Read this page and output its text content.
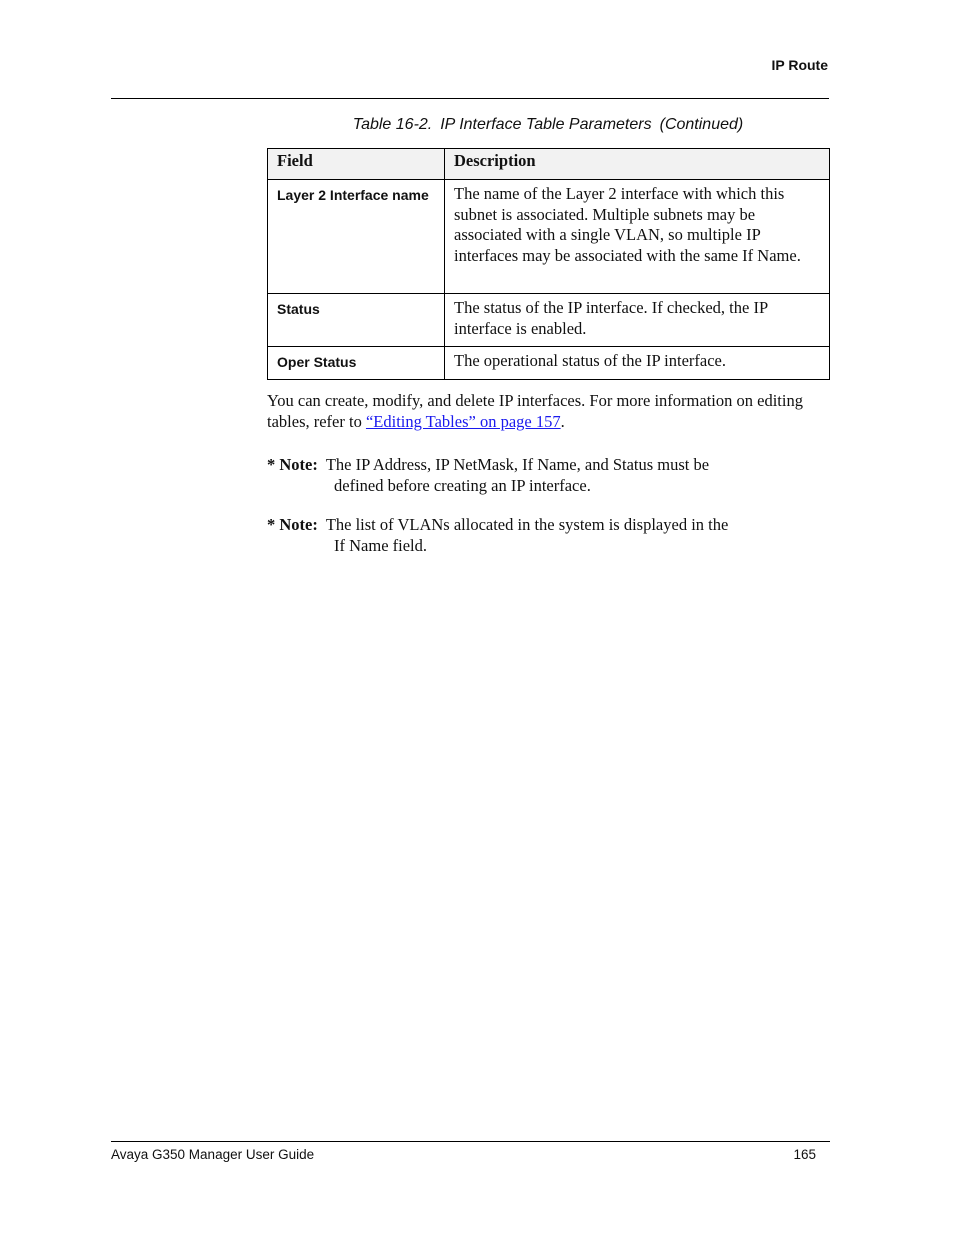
IP Route
Table 16-2. IP Interface Table Parameters (Continued)
Field	Description
Layer 2 Interface name	The name of the Layer 2 interface with which this subnet is associated. Multiple subnets may be associated with a single VLAN, so multiple IP interfaces may be associated with the same If Name.
Status	The status of the IP interface. If checked, the IP interface is enabled.
Oper Status	The operational status of the IP interface.
You can create, modify, and delete IP interfaces. For more information on editing tables, refer to “Editing Tables” on page 157.
* Note: The IP Address, IP NetMask, If Name, and Status must be
defined before creating an IP interface.
* Note: The list of VLANs allocated in the system is displayed in the
If Name field.
Avaya G350 Manager User Guide	165
